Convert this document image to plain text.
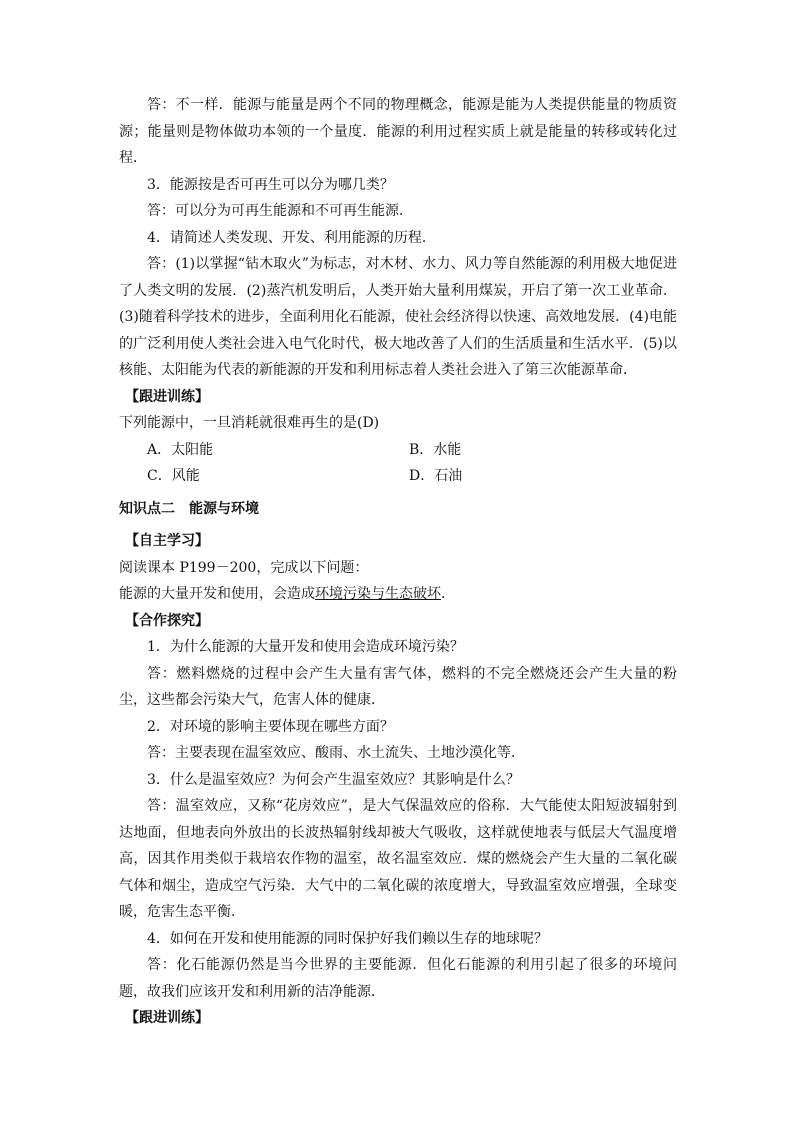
答：不一样．能源与能量是两个不同的物理概念，能源是能为人类提供能量的物质资源；能量则是物体做功本领的一个量度．能源的利用过程实质上就是能量的转移或转化过程．

3．能源按是否可再生可以分为哪几类？

答：可以分为可再生能源和不可再生能源．

4．请简述人类发现、开发、利用能源的历程．

答：(1)以掌握“钻木取火”为标志，对木材、水力、风力等自然能源的利用极大地促进了人类文明的发展．(2)蒸汽机发明后，人类开始大量利用煤炭，开启了第一次工业革命．(3)随着科学技术的进步，全面利用化石能源，使社会经济得以快速、高效地发展．(4)电能的广泛利用使人类社会进入电气化时代，极大地改善了人们的生活质量和生活水平．(5)以核能、太阳能为代表的新能源的开发和利用标志着人类社会进入了第三次能源革命．

【跟进训练】

下列能源中，一旦消耗就很难再生的是(D)

A．太阳能	B．水能
C．风能	D．石油

知识点二　能源与环境

【自主学习】

阅读课本 P199－200，完成以下问题：

能源的大量开发和使用，会造成环境污染与生态破坏.

【合作探究】

1．为什么能源的大量开发和使用会造成环境污染？

答：燃料燃烧的过程中会产生大量有害气体，燃料的不完全燃烧还会产生大量的粉尘，这些都会污染大气，危害人体的健康．

2．对环境的影响主要体现在哪些方面？

答：主要表现在温室效应、酸雨、水土流失、土地沙漠化等．

3．什么是温室效应？为何会产生温室效应？其影响是什么？

答：温室效应，又称“花房效应”，是大气保温效应的俗称．大气能使太阳短波辐射到达地面，但地表向外放出的长波热辐射线却被大气吸收，这样就使地表与低层大气温度增高，因其作用类似于栽培农作物的温室，故名温室效应．煤的燃烧会产生大量的二氧化碳气体和烟尘，造成空气污染．大气中的二氧化碳的浓度增大，导致温室效应增强，全球变暖，危害生态平衡．

4．如何在开发和使用能源的同时保护好我们赖以生存的地球呢？

答：化石能源仍然是当今世界的主要能源．但化石能源的利用引起了很多的环境问题，故我们应该开发和利用新的洁净能源．

【跟进训练】
